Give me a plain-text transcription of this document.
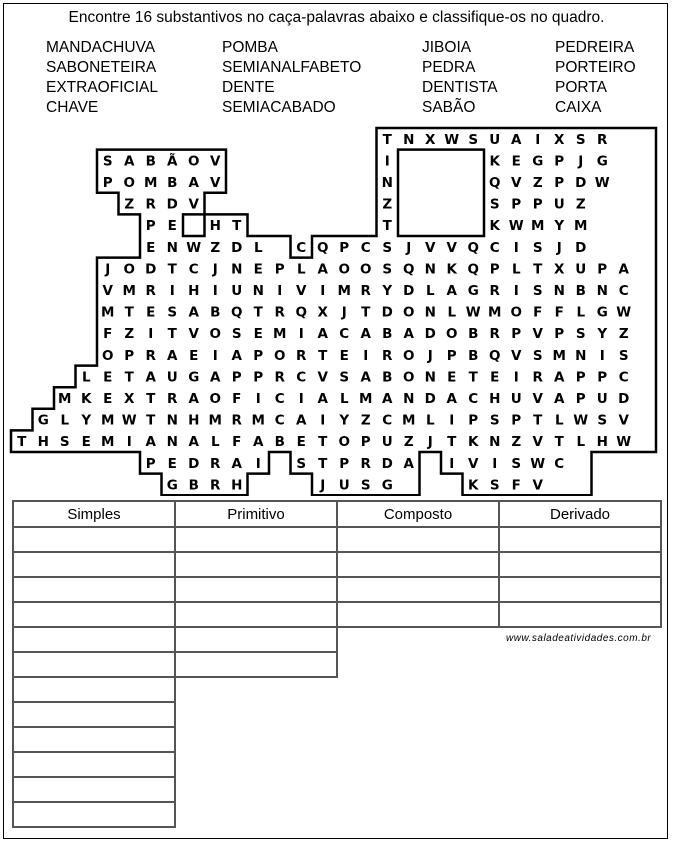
Encontre 16 substantivos no caça-palavras abaixo e classifique-os no quadro.
MANDACHUVA
SABONETEIRA
EXTRAOFICIAL
CHAVE
POMBA
SEMIANALFABETO
DENTE
SEMIACABADO
JIBOIA
PEDRA
DENTISTA
SABÃO
PEDREIRA
PORTEIRO
PORTA
CAIXA
T N X W S U A I X S R
S A B Ã O V	I	K E G P J G
P O M B A V	N	Q V Z P D W
Z R D V	Z	S P P U Z
P E H T	T	K W M Y M
E N W Z D L C Q P C S J V V Q C I S J D
J O D T C J N E P L A O O S Q N K Q P L T X U P A
V M R I H I U N I V I M R Y D L A G R I S N B N C
M T E S A B Q T R Q X J T D O N L W M O F F L G W
F Z I T V O S E M I A C A B A D O B R P V P S Y Z
O P R A E I A P O R T E I R O J P B Q V S M N I S
L E T A U G A P P R C V S A B O N E T E I R A P P C
M K E X T R A O F I C I A L M A N D A C H U V A P U D
G L Y M W T N H M R M C A I Y Z C M L I P S P T L W S V
T H S E M I A N A L F A B E T O P U Z J T K N Z V T L H W
P E D R A I	S T P R D A	I V I S W C
G B R H	J U S G	K S F V
Simples	Primitivo	Composto	Derivado

www.saladeatividades.com.br
